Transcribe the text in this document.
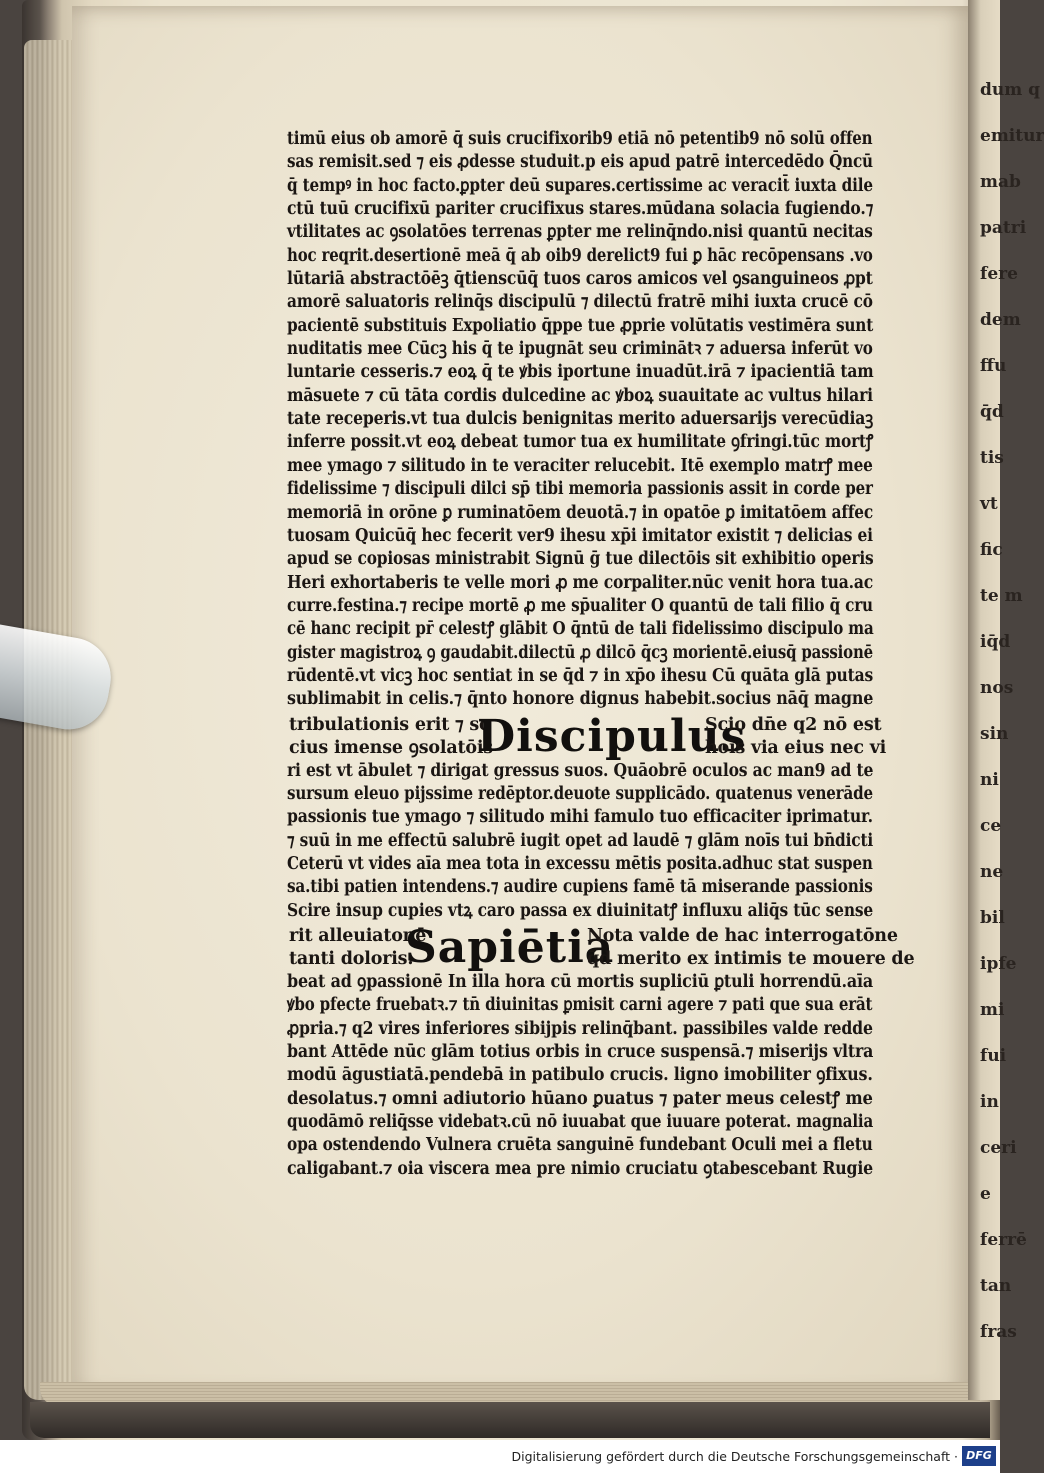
dum q
emitur
mab
patri
fere
dem
ffu
q̄d
tis
vt
fic
te m
iq̄d
nos
sin
ni
ce
ne
bil
ipfe
mi
fui
in
ceri
e
ferrē
tan
fras
timū eius ob amorē q̄ suis crucifixorib9 etiā nō petentib9 nō solū offen
sas remisit.sed ⁊ eis ꝓdesse studuit.p eis apud patrē intercedēdo Q̄ncū
q̄ tempꝰ in hoc facto.ꝑpter deū supares.certissime ac veracit̄ iuxta dile
ctū tuū crucifixū pariter crucifixus stares.mūdana solacia fugiendo.⁊
vtilitates ac ꝯsolatōes terrenas ꝑpter me relinq̄ndo.nisi quantū necitas
hoc reqrit.desertionē meā q̄ ab oib9 derelict9 fui ꝑ hāc recōpensans .vo
lūtariā abstractōēꝫ q̄tienscūq̄ tuos caros amicos vel ꝯsanguineos ꝓpt
amorē saluatoris relinq̄s discipulū ⁊ dilectū fratrē mihi iuxta crucē cō
pacientē substituis Expoliatio q̄ppe tue ꝓprie volūtatis vestimēra sunt
nuditatis mee Cūcꝫ his q̄ te ipugnāt seu criminātꝛ ⁊ aduersa inferūt vo
luntarie cesseris.⁊ eoꝝ q̄ te ꝟbis iportune inuadūt.irā ⁊ ipacientiā tam
māsuete ⁊ cū tāta cordis dulcedine ac ꝟboꝝ suauitate ac vultus hilari
tate receperis.vt tua dulcis benignitas merito aduersarijs verecūdiaꝫ
inferre possit.vt eoꝝ debeat tumor tua ex humilitate ꝯfringi.tūc mortꝭ
mee ymago ⁊ silitudo in te veraciter relucebit. Itē exemplo matrꝭ mee
fidelissime ⁊ discipuli dilci sp̄ tibi memoria passionis assit in corde per
memoriā in orōne ꝑ ruminatōem deuotā.⁊ in opatōe ꝑ imitatōem affec
tuosam Quicūq̄ hec fecerit ver9 ihesu xp̄i imitator existit ⁊ delicias ei
apud se copiosas ministrabit Signū ḡ tue dilectōis sit exhibitio operis
Heri exhortaberis te velle mori ꝓ me corpaliter.nūc venit hora tua.ac
curre.festina.⁊ recipe mortē ꝓ me sp̄ualiter O quantū de tali filio q̄ cru
cē hanc recipit pr̄ celestꝭ glābit O q̄ntū de tali fidelissimo discipulo ma
gister magistroꝝ ꝯ gaudabit.dilectū ꝓ dilcō q̄cꝫ morientē.eiusq̄ passionē
rūdentē.vt vicꝫ hoc sentiat in se q̄d ⁊ in xp̄o ihesu Cū quāta glā putas
sublimabit in celis.⁊ q̄nto honore dignus habebit.socius nāq̄ magne
tribulationis erit ⁊ so
cius imense ꝯsolatōis
Discipulus
Scio dn̄e q2 nō est
hoīs via eius nec vi
ri est vt ābulet ⁊ dirigat gressus suos. Quāobrē oculos ac man9 ad te
sursum eleuo pijssime redēptor.deuote supplicādo. quatenus venerāde
passionis tue ymago ⁊ silitudo mihi famulo tuo efficaciter iprimatur.
⁊ suū in me effectū salubrē iugit opet ad laudē ⁊ glām noīs tui bn̄dicti
Ceterū vt vides aīa mea tota in excessu mētis posita.adhuc stat suspen
sa.tibi patien intendens.⁊ audire cupiens famē tā miserande passionis
Scire insup cupies vtꝝ caro passa ex diuinitatꝭ influxu aliq̄s tūc sense
rit alleuiatonē
tanti doloris.
Sapiētia
Nota valde de hac interrogatōne
q̄d merito ex intimis te mouere de
beat ad ꝯpassionē In illa hora cū mortis supliciū ꝑtuli horrendū.aīa
ꝟbo pfecte fruebatꝛ.⁊ tn̄ diuinitas ꝑmisit carni agere ⁊ pati que sua erāt
ꝓpria.⁊ q2 vires inferiores sibijpis relinq̄bant. passibiles valde redde
bant Attēde nūc glām totius orbis in cruce suspensā.⁊ miserijs vltra
modū āgustiatā.pendebā in patibulo crucis. ligno imobiliter ꝯfixus.
desolatus.⁊ omni adiutorio hūano ꝑuatus ⁊ pater meus celestꝭ me
quodāmō reliq̄sse videbatꝛ.cū nō iuuabat que iuuare poterat. magnalia
opa ostendendo Vulnera cruēta sanguinē fundebant Oculi mei a fletu
caligabant.⁊ oia viscera mea pre nimio cruciatu ꝯtabescebant Rugie
Digitalisierung gefördert durch die Deutsche Forschungsgemeinschaft · DFG
